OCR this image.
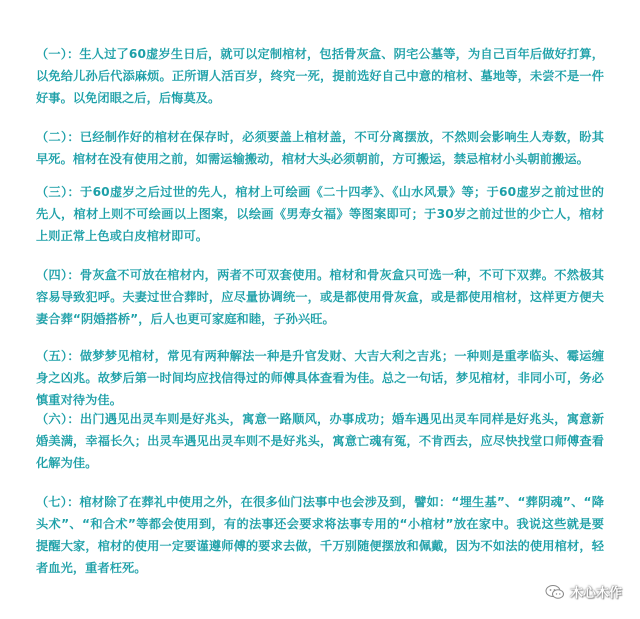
（一）：生人过了60虚岁生日后，就可以定制棺材，包括骨灰盒、阴宅公墓等，为自己百年后做好打算，以免给儿孙后代添麻烦。正所谓人活百岁，终究一死，提前选好自己中意的棺材、墓地等，未尝不是一件好事。以免闭眼之后，后悔莫及。

（二）：已经制作好的棺材在保存时，必须要盖上棺材盖，不可分离摆放，不然则会影响生人寿数，盼其早死。棺材在没有使用之前，如需运输搬动，棺材大头必须朝前，方可搬运，禁忌棺材小头朝前搬运。

（三）：于60虚岁之后过世的先人，棺材上可绘画《二十四孝》、《山水风景》等；于60虚岁之前过世的先人，棺材上则不可绘画以上图案，以绘画《男寿女福》等图案即可；于30岁之前过世的少亡人，棺材上则正常上色或白皮棺材即可。

（四）：骨灰盒不可放在棺材内，两者不可双套使用。棺材和骨灰盒只可选一种，不可下双葬。不然极其容易导致犯呼。夫妻过世合葬时，应尽量协调统一，或是都使用骨灰盒，或是都使用棺材，这样更方便夫妻合葬“阴婚搭桥”，后人也更可家庭和睦，子孙兴旺。

（五）：做梦梦见棺材，常见有两种解法一种是升官发财、大吉大利之吉兆；一种则是重孝临头、霉运缠身之凶兆。故梦后第一时间均应找信得过的师傅具体查看为佳。总之一句话，梦见棺材，非同小可，务必慎重对待为佳。

（六）：出门遇见出灵车则是好兆头，寓意一路顺风，办事成功；婚车遇见出灵车同样是好兆头，寓意新婚美满，幸福长久；出灵车遇见出灵车则不是好兆头，寓意亡魂有冤，不肯西去，应尽快找堂口师傅查看化解为佳。

（七）：棺材除了在葬礼中使用之外，在很多仙门法事中也会涉及到，譬如：“埋生基”、“葬阴魂”、“降头术”、“和合术”等都会使用到，有的法事还会要求将法事专用的“小棺材”放在家中。我说这些就是要提醒大家，棺材的使用一定要谨遵师傅的要求去做，千万别随便摆放和佩戴，因为不如法的使用棺材，轻者血光，重者枉死。

木心木作
